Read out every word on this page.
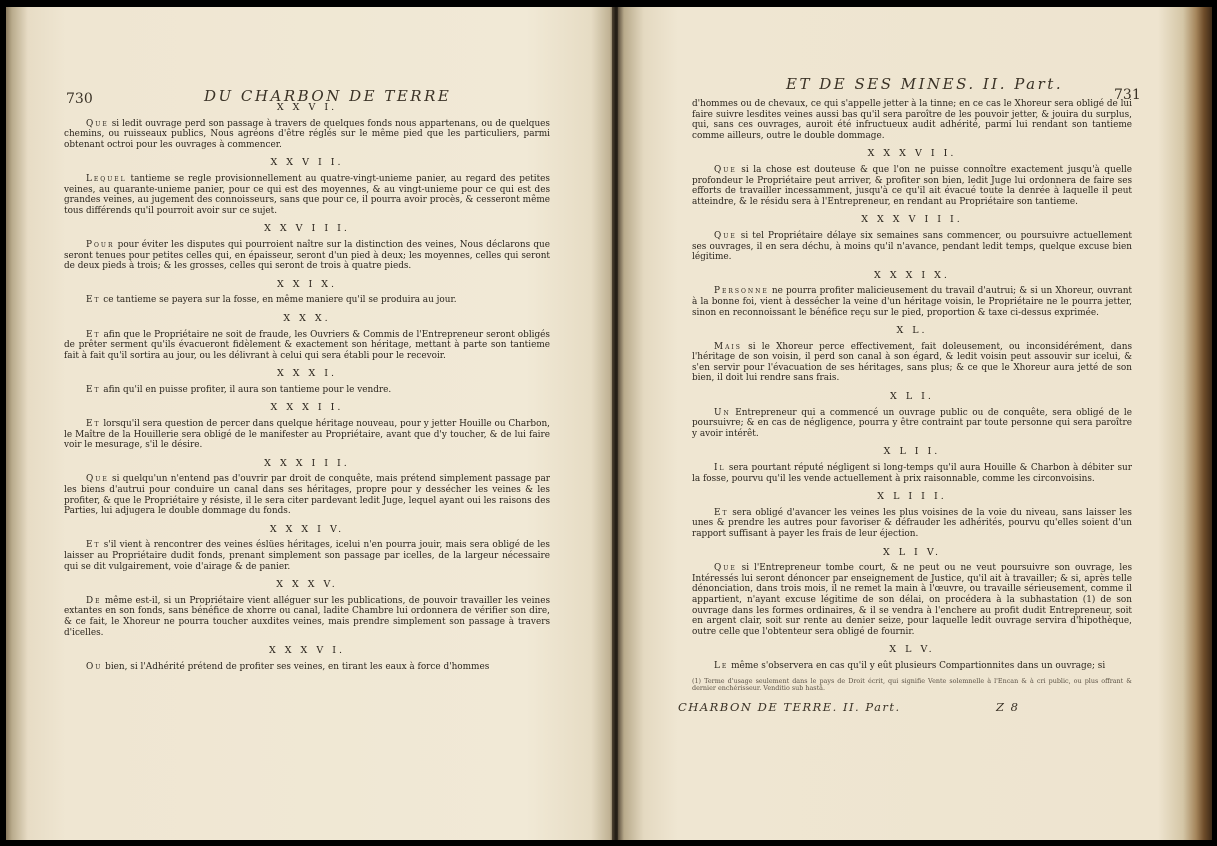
730	DU CHARBON DE TERRE
X X V I.

Que si ledit ouvrage perd son passage à travers de quelques fonds nous appartenans, ou de quelques chemins, ou ruisseaux publics, Nous agréons d'être réglés sur le même pied que les particuliers, parmi obtenant octroi pour les ouvrages à commencer.

X X V I I.

Lequel tantieme se regle provisionnellement au quatre-vingt-unieme panier, au regard des petites veines, au quarante-unieme panier, pour ce qui est des moyennes, & au vingt-unieme pour ce qui est des grandes veines, au jugement des connoisseurs, sans que pour ce, il pourra avoir procès, & cesseront même tous différends qu'il pourroit avoir sur ce sujet.

X X V I I I.

Pour pour éviter les disputes qui pourroient naître sur la distinction des veines, Nous déclarons que seront tenues pour petites celles qui, en épaisseur, seront d'un pied à deux; les moyennes, celles qui seront de deux pieds à trois; & les grosses, celles qui seront de trois à quatre pieds.

X X I X.

Et ce tantieme se payera sur la fosse, en même maniere qu'il se produira au jour.

X X X.

Et afin que le Propriétaire ne soit de fraude, les Ouvriers & Commis de l'Entrepreneur seront obligés de prêter serment qu'ils évacueront fidèlement & exactement son héritage, mettant à parte son tantieme fait à fait qu'il sortira au jour, ou les délivrant à celui qui sera établi pour le recevoir.

X X X I.

Et afin qu'il en puisse profiter, il aura son tantieme pour le vendre.

X X X I I.

Et lorsqu'il sera question de percer dans quelque héritage nouveau, pour y jetter Houille ou Charbon, le Maître de la Houillerie sera obligé de le manifester au Propriétaire, avant que d'y toucher, & de lui faire voir le mesurage, s'il le désire.

X X X I I I.

Que si quelqu'un n'entend pas d'ouvrir par droit de conquête, mais prétend simplement passage par les biens d'autrui pour conduire un canal dans ses héritages, propre pour y dessécher les veines & les profiter, & que le Propriétaire y résiste, il le sera citer pardevant ledit Juge, lequel ayant oui les raisons des Parties, lui adjugera le double dommage du fonds.

X X X I V.

Et s'il vient à rencontrer des veines éslües héritages, icelui n'en pourra jouir, mais sera obligé de les laisser au Propriétaire dudit fonds, prenant simplement son passage par icelles, de la largeur nécessaire qui se dit vulgairement, voie d'airage & de panier.

X X X V.

De même est-il, si un Propriétaire vient alléguer sur les publications, de pouvoir travailler les veines extantes en son fonds, sans bénéfice de xhorre ou canal, ladite Chambre lui ordonnera de vérifier son dire, & ce fait, le Xhoreur ne pourra toucher auxdites veines, mais prendre simplement son passage à travers d'icelles.

X X X V I.

Ou bien, si l'Adhérité prétend de profiter ses veines, en tirant les eaux à force d'hommes

ET DE SES MINES. II. Part.
731

d'hommes ou de chevaux, ce qui s'appelle jetter à la tinne; en ce cas le Xhoreur sera obligé de lui faire suivre lesdites veines aussi bas qu'il sera paroître de les pouvoir jetter, & jouira du surplus, qui, sans ces ouvrages, auroit été infructueux audit adhérité, parmi lui rendant son tantieme comme ailleurs, outre le double dommage.

X X X V I I.

Que si la chose est douteuse & que l'on ne puisse connoître exactement jusqu'à quelle profondeur le Propriétaire peut arriver, & profiter son bien, ledit Juge lui ordonnera de faire ses efforts de travailler incessamment, jusqu'à ce qu'il ait évacué toute la denrée à laquelle il peut atteindre, & le résidu sera à l'Entrepreneur, en rendant au Propriétaire son tantieme.

X X X V I I I.

Que si tel Propriétaire délaye six semaines sans commencer, ou poursuivre actuellement ses ouvrages, il en sera déchu, à moins qu'il n'avance, pendant ledit temps, quelque excuse bien légitime.

X X X I X.

Personne ne pourra profiter malicieusement du travail d'autrui; & si un Xhoreur, ouvrant à la bonne foi, vient à dessécher la veine d'un héritage voisin, le Propriétaire ne le pourra jetter, sinon en reconnoissant le bénéfice reçu sur le pied, proportion & taxe ci-dessus exprimée.

X L.

Mais si le Xhoreur perce effectivement, fait doleusement, ou inconsidérément, dans l'héritage de son voisin, il perd son canal à son égard, & ledit voisin peut assouvir sur icelui, & s'en servir pour l'évacuation de ses héritages, sans plus; & ce que le Xhoreur aura jetté de son bien, il doit lui rendre sans frais.

X L I.

Un Entrepreneur qui a commencé un ouvrage public ou de conquête, sera obligé de le poursuivre; & en cas de négligence, pourra y être contraint par toute personne qui sera paroître y avoir intérêt.

X L I I.

Il sera pourtant réputé négligent si long-temps qu'il aura Houille & Charbon à débiter sur la fosse, pourvu qu'il les vende actuellement à prix raisonnable, comme les circonvoisins.

X L I I I.

Et sera obligé d'avancer les veines les plus voisines de la voie du niveau, sans laisser les unes & prendre les autres pour favoriser & défrauder les adhérités, pourvu qu'elles soient d'un rapport suffisant à payer les frais de leur éjection.

X L I V.

Que si l'Entrepreneur tombe court, & ne peut ou ne veut poursuivre son ouvrage, les Intéressés lui seront dénoncer par enseignement de Justice, qu'il ait à travailler; & si, après telle dénonciation, dans trois mois, il ne remet la main à l'œuvre, ou travaille sérieusement, comme il appartient, n'ayant excuse légitime de son délai, on procédera à la subhastation (1) de son ouvrage dans les formes ordinaires, & il se vendra à l'enchere au profit dudit Entrepreneur, soit en argent clair, soit sur rente au denier seize, pour laquelle ledit ouvrage servira d'hipothèque, outre celle que l'obtenteur sera obligé de fournir.

X L V.

Le même s'observera en cas qu'il y eût plusieurs Compartionnites dans un ouvrage; si

(1) Terme d'usage seulement dans le pays de Droit écrit, qui signifie Vente solemnelle à l'Encan & à cri public, ou plus offrant & dernier enchérisseur. Venditio sub hastâ.
CHARBON DE TERRE. II. Part.	Z 8
